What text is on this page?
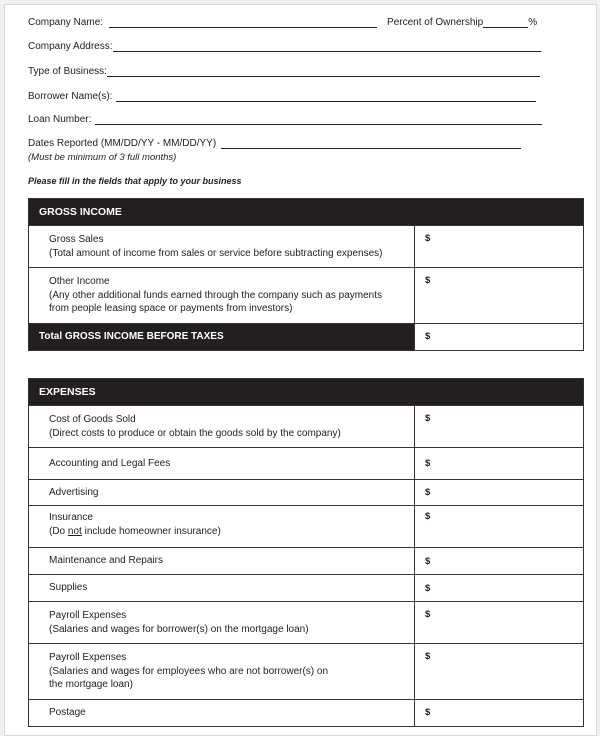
Company Name:	Percent of Ownership	%
Company Address:
Type of Business:
Borrower Name(s):
Loan Number:
Dates Reported (MM/DD/YY - MM/DD/YY)
(Must be minimum of 3 full months)
Please fill in the fields that apply to your business
GROSS INCOME	

Gross Sales
(Total amount of income from sales or service before subtracting expenses)	$

Other Income
(Any other additional funds earned through the company such as payments from people leasing space or payments from investors)	$
Total GROSS INCOME BEFORE TAXES	$
EXPENSES	

Cost of Goods Sold
(Direct costs to produce or obtain the goods sold by the company)	$

Accounting and Legal Fees	$

Advertising	$

Insurance
(Do not include homeowner insurance)	$

Maintenance and Repairs	$

Supplies	$

Payroll Expenses
(Salaries and wages for borrower(s) on the mortgage loan)	$

Payroll Expenses
(Salaries and wages for employees who are not borrower(s) on the mortgage loan)	$

Postage	$
